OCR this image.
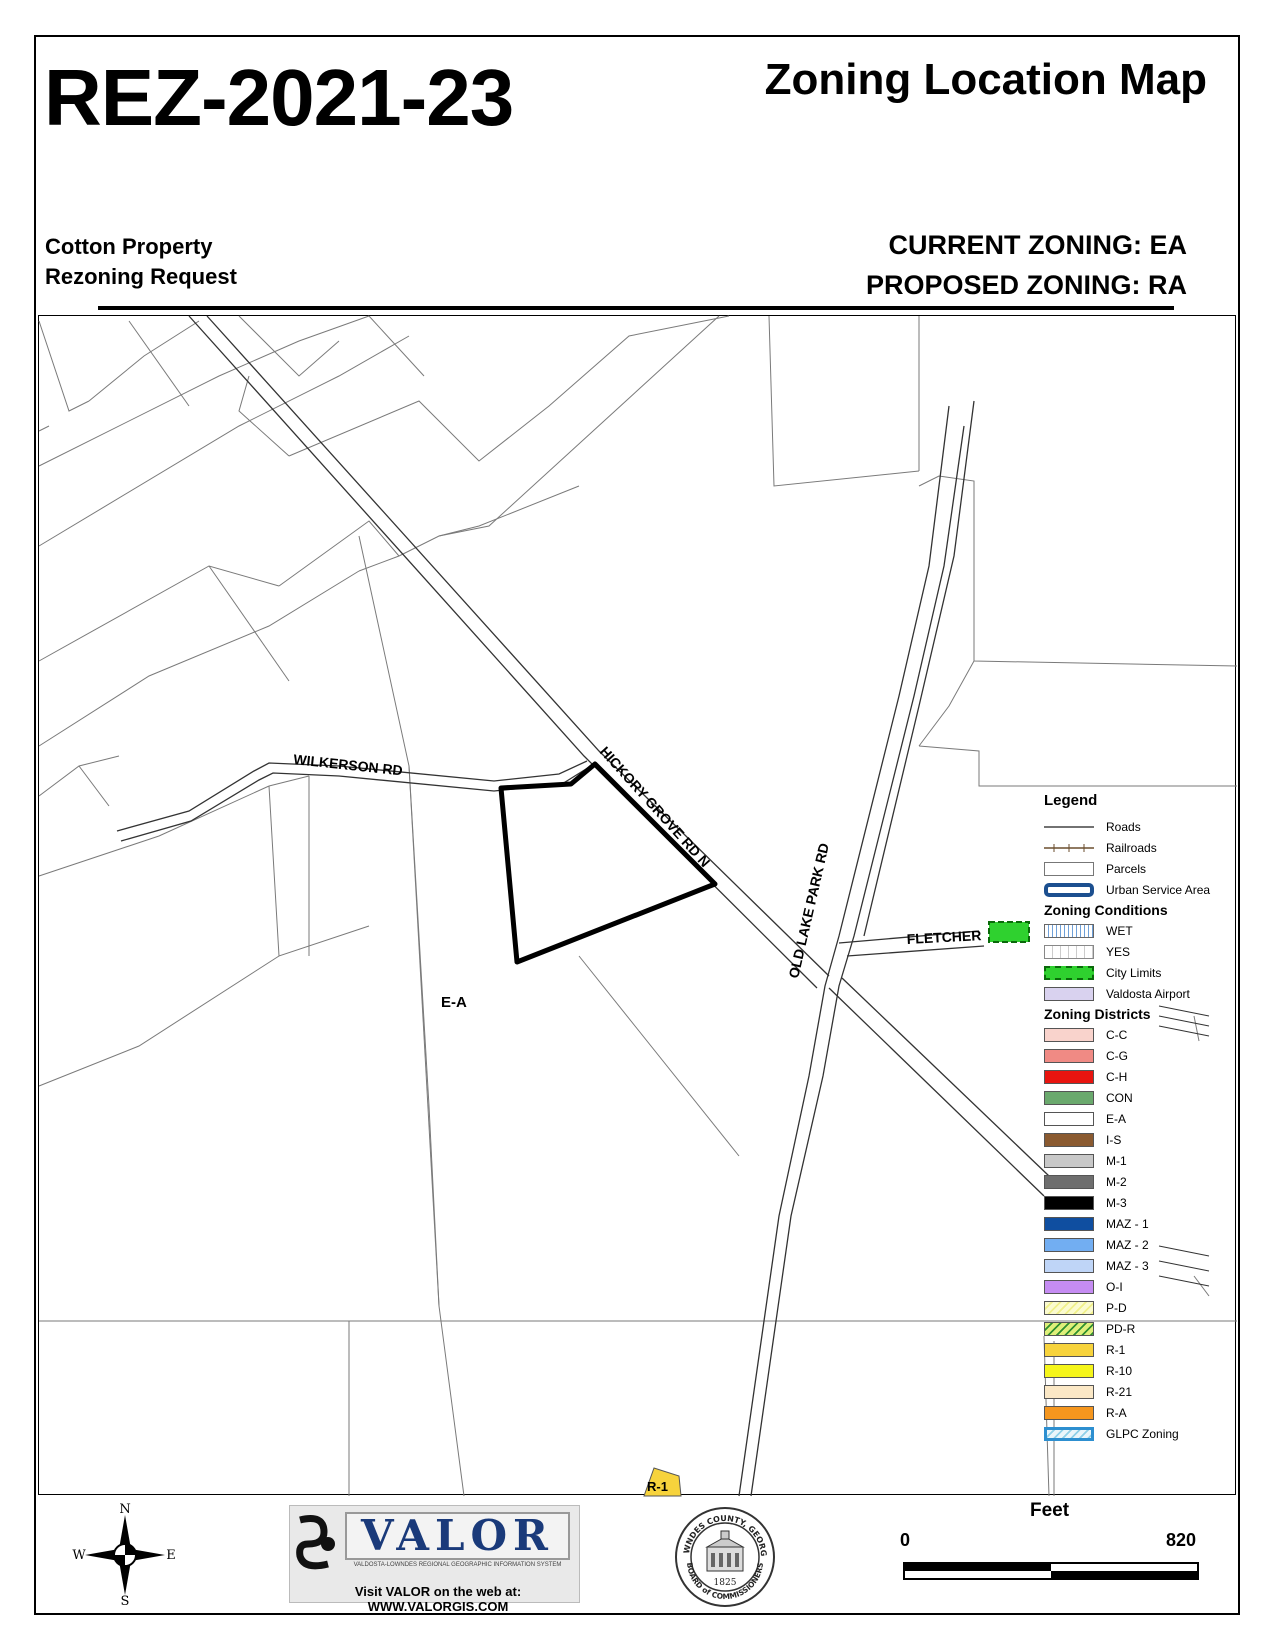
REZ-2021-23	Zoning Location Map
Cotton Property
Rezoning Request
CURRENT ZONING: EA
PROPOSED ZONING: RA
WILKERSON RD	HICKORY GROVE RD N
OLD LAKE PARK RD	FLETCHER
E-A
R-1
Legend
Roads
Railroads
Parcels
Urban Service Area
Zoning Conditions
WET
YES
City Limits
Valdosta Airport
Zoning Districts
C-C
C-G
C-H
CON
E-A
I-S
M-1
M-2
M-3
MAZ - 1
MAZ - 2
MAZ - 3
O-I
P-D
PD-R
R-1
R-10
R-21
R-A
GLPC Zoning
N
S
E
W	VALOR
VALDOSTA-LOWNDES REGIONAL GEOGRAPHIC INFORMATION SYSTEM
Visit VALOR on the web at: WWW.VALORGIS.COM
WNDES COUNTY, GEORG
BOARD of COMMISSIONERS
1825
Feet
0	820
